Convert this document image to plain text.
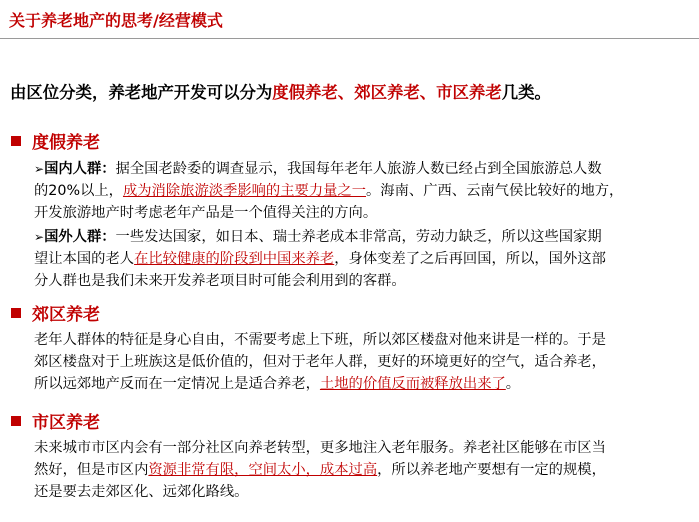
关于养老地产的思考/经营模式
由区位分类，养老地产开发可以分为度假养老、郊区养老、市区养老几类。
度假养老
➢国内人群：据全国老龄委的调查显示，我国每年老年人旅游人数已经占到全国旅游总人数
的20%以上，成为消除旅游淡季影响的主要力量之一。海南、广西、云南气侯比较好的地方，
开发旅游地产时考虑老年产品是一个值得关注的方向。
➢国外人群：一些发达国家，如日本、瑞士养老成本非常高，劳动力缺乏，所以这些国家期
望让本国的老人在比较健康的阶段到中国来养老，身体变差了之后再回国，所以，国外这部
分人群也是我们未来开发养老项目时可能会利用到的客群。
郊区养老
老年人群体的特征是身心自由，不需要考虑上下班，所以郊区楼盘对他来讲是一样的。于是
郊区楼盘对于上班族这是低价值的，但对于老年人群，更好的环境更好的空气，适合养老，
所以远郊地产反而在一定情况上是适合养老，土地的价值反而被释放出来了。
市区养老
未来城市市区内会有一部分社区向养老转型，更多地注入老年服务。养老社区能够在市区当
然好，但是市区内资源非常有限，空间太小，成本过高，所以养老地产要想有一定的规模，
还是要去走郊区化、远郊化路线。
